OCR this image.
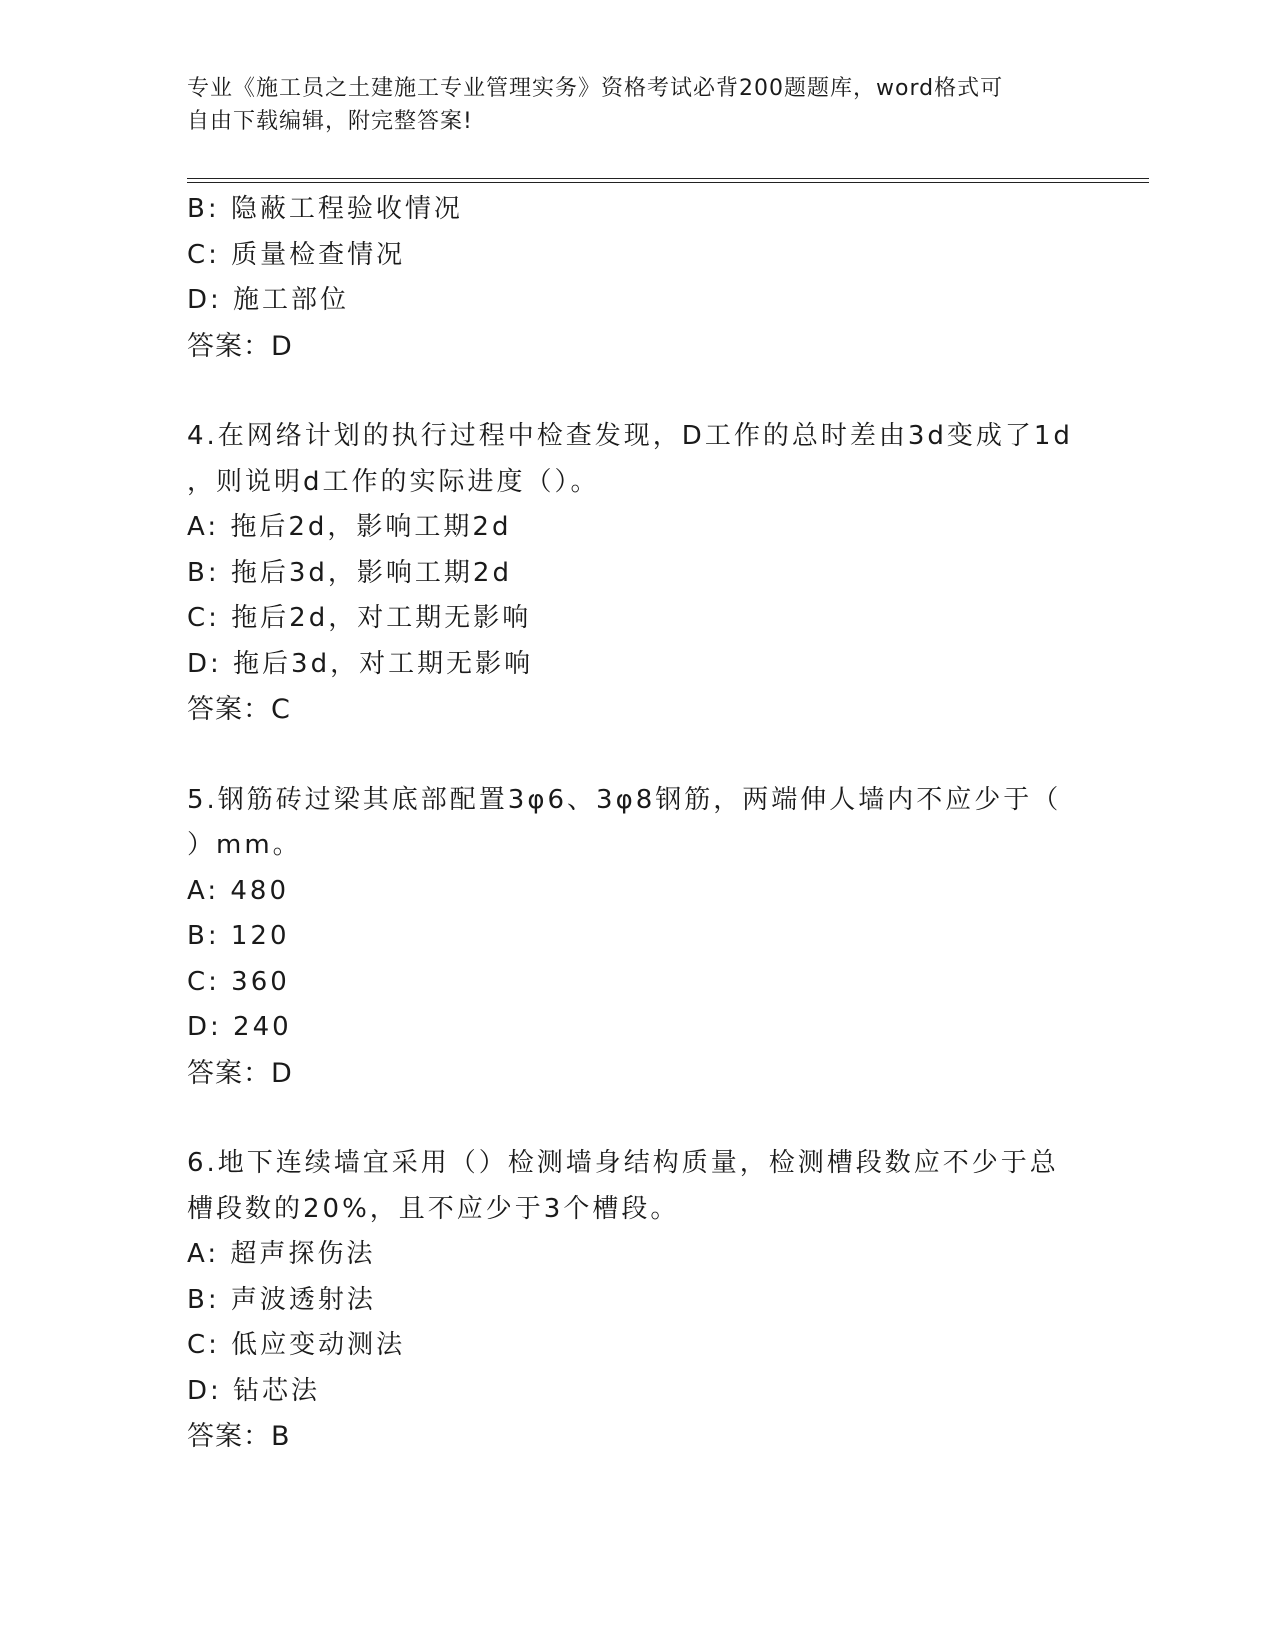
专业《施工员之土建施工专业管理实务》资格考试必背200题题库，word格式可
自由下载编辑，附完整答案!
B: 隐蔽工程验收情况
C: 质量检查情况
D: 施工部位
答案：D
4.在网络计划的执行过程中检查发现，D工作的总时差由3d变成了1d
，则说明d工作的实际进度（）。
A: 拖后2d，影响工期2d
B: 拖后3d，影响工期2d
C: 拖后2d，对工期无影响
D: 拖后3d，对工期无影响
答案：C
5.钢筋砖过梁其底部配置3φ6、3φ8钢筋，两端伸人墙内不应少于（
）mm。
A: 480
B: 120
C: 360
D: 240
答案：D
6.地下连续墙宜采用（）检测墙身结构质量，检测槽段数应不少于总
槽段数的20%，且不应少于3个槽段。
A: 超声探伤法
B: 声波透射法
C: 低应变动测法
D: 钻芯法
答案：B
